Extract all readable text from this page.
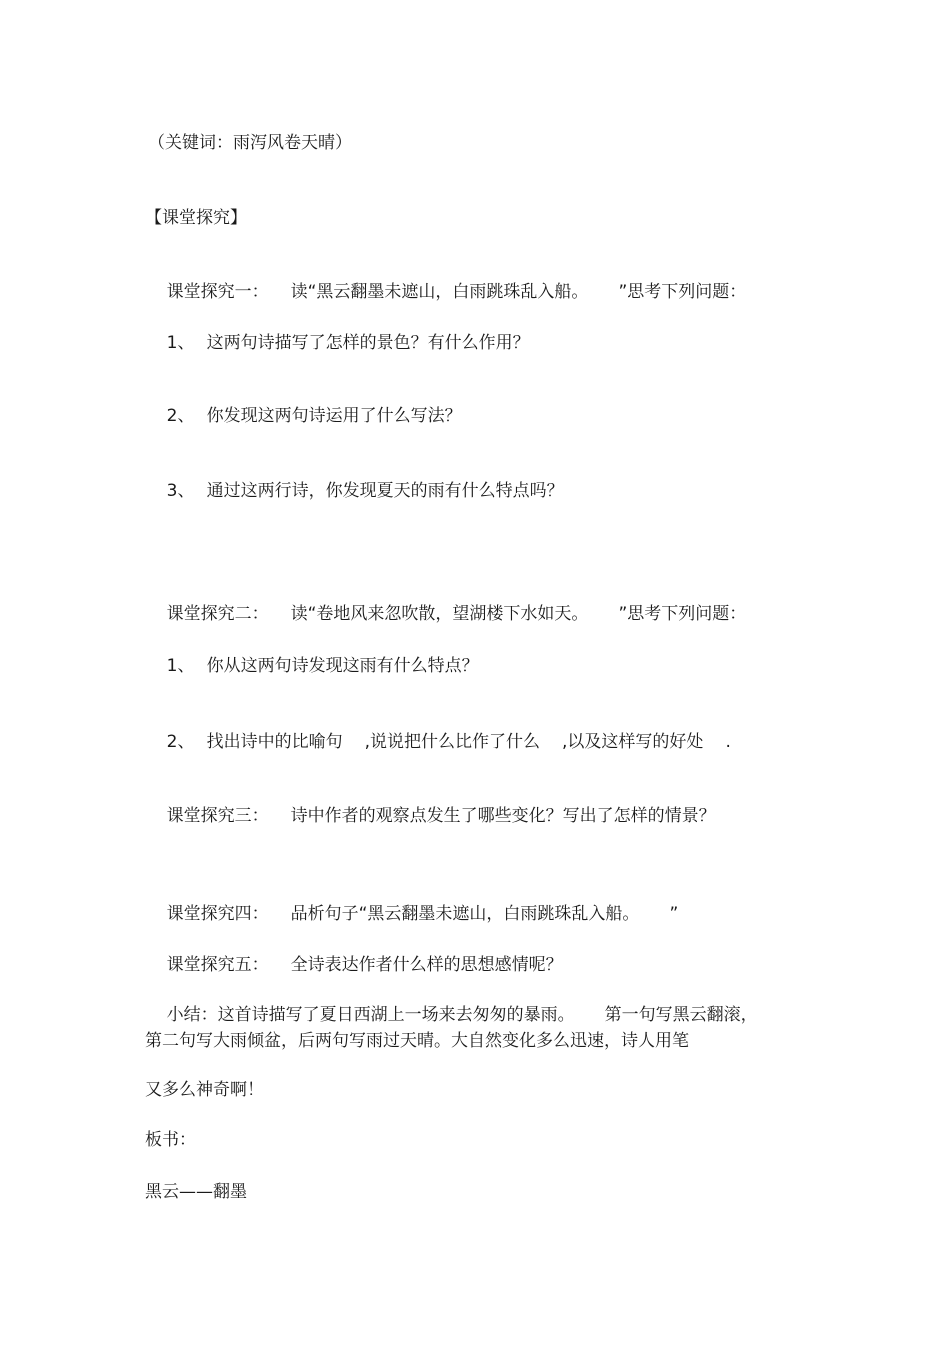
（关键词：雨泻风卷天晴）
【课堂探究】

课堂探究一： 读“黑云翻墨未遮山，白雨跳珠乱入船。 ”思考下列问题：

1、 这两句诗描写了怎样的景色？有什么作用？

2、 你发现这两句诗运用了什么写法？

3、 通过这两行诗，你发现夏天的雨有什么特点吗？

课堂探究二： 读“卷地风来忽吹散，望湖楼下水如天。 ”思考下列问题：

1、 你从这两句诗发现这雨有什么特点？

2、 找出诗中的比喻句 ,说说把什么比作了什么 ,以及这样写的好处 .

课堂探究三： 诗中作者的观察点发生了哪些变化？写出了怎样的情景？

课堂探究四： 品析句子“黑云翻墨未遮山，白雨跳珠乱入船。 ”

课堂探究五： 全诗表达作者什么样的思想感情呢？

小结：这首诗描写了夏日西湖上一场来去匆匆的暴雨。 第一句写黑云翻滚，

第二句写大雨倾盆，后两句写雨过天晴。大自然变化多么迅速，诗人用笔
又多么神奇啊！
板书：
黑云——翻墨
